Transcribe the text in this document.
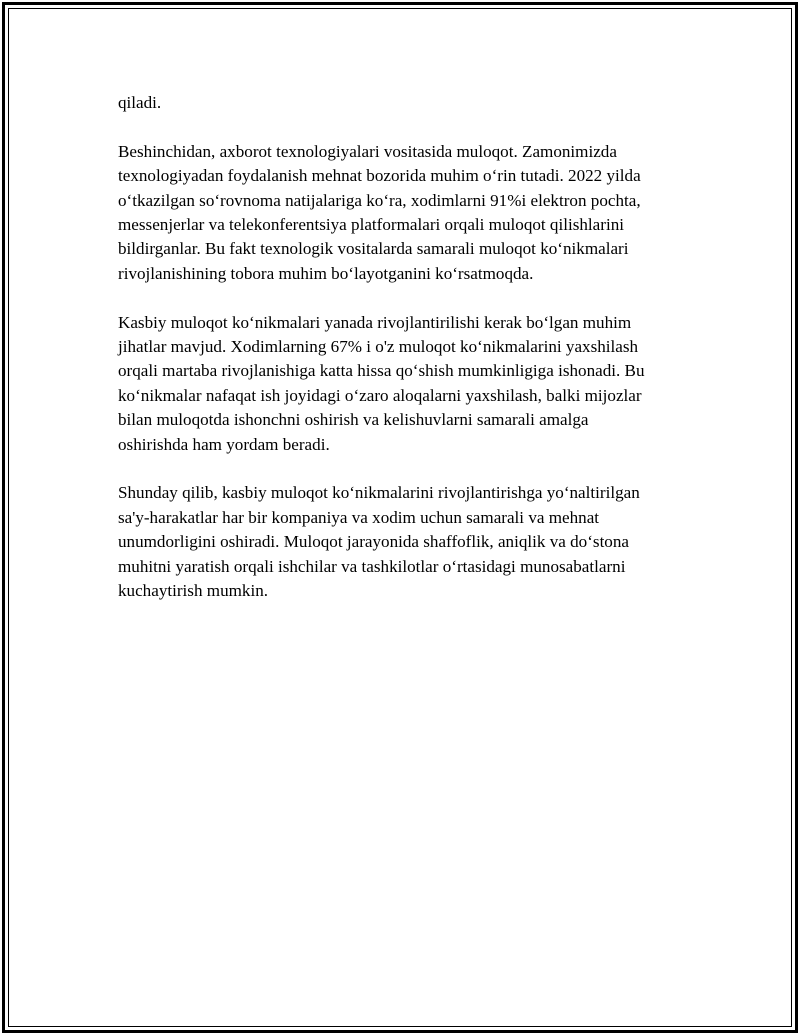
qiladi.

Beshinchidan, axborot texnologiyalari vositasida muloqot. Zamonimizda
texnologiyadan foydalanish mehnat bozorida muhim o‘rin tutadi. 2022 yilda
o‘tkazilgan so‘rovnoma natijalariga ko‘ra, xodimlarni 91%i elektron pochta,
messenjerlar va telekonferentsiya platformalari orqali muloqot qilishlarini
bildirganlar. Bu fakt texnologik vositalarda samarali muloqot ko‘nikmalari
rivojlanishining tobora muhim bo‘layotganini ko‘rsatmoqda.

Kasbiy muloqot ko‘nikmalari yanada rivojlantirilishi kerak bo‘lgan muhim
jihatlar mavjud. Xodimlarning 67% i o'z muloqot ko‘nikmalarini yaxshilash
orqali martaba rivojlanishiga katta hissa qo‘shish mumkinligiga ishonadi. Bu
ko‘nikmalar nafaqat ish joyidagi o‘zaro aloqalarni yaxshilash, balki mijozlar
bilan muloqotda ishonchni oshirish va kelishuvlarni samarali amalga
oshirishda ham yordam beradi.

Shunday qilib, kasbiy muloqot ko‘nikmalarini rivojlantirishga yo‘naltirilgan
sa'y-harakatlar har bir kompaniya va xodim uchun samarali va mehnat
unumdorligini oshiradi. Muloqot jarayonida shaffoflik, aniqlik va do‘stona
muhitni yaratish orqali ishchilar va tashkilotlar o‘rtasidagi munosabatlarni
kuchaytirish mumkin.
